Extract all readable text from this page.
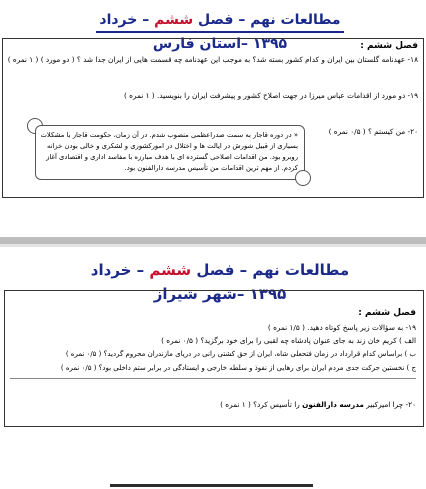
مطالعات نهم – فصل ششم – خرداد ۱۳۹۵ –استان فارس	فصل ششم :
۱۸- عهدنامه گلستان بین ایران و کدام کشور بسته شد؟ به موجب این عهدنامه چه قسمت هایی از ایران جدا شد ؟ ( دو مورد ) ( ۱ نمره )
۱۹- دو مورد از اقدامات عباس میرزا در جهت اصلاح کشور و پیشرفت ایران را بنویسید. ( ۱ نمره )
۲۰- من کیستم ؟ ( ۰/۵ نمره )
« در دوره قاجار به سمت صدراعظمی منصوب شدم. در آن زمان، حکومت قاجار با مشکلات
بسیاری از قبیل شورش در ایالت ها و اختلال در امورکشوری و لشکری و خالی بودن خزانه
روبرو بود. من اقدامات اصلاحی گسترده ای با هدف مبارزه با مفاسد اداری و اقتصادی آغاز
کردم. از مهم ترین اقدامات من تأسیس مدرسه دارالفنون بود.
مطالعات نهم – فصل ششم – خرداد ۱۳۹۵ –شهر شیراز
فصل ششم :
۱۹- به سؤالات زیر پاسخ کوتاه دهید. ( ۱/۵ نمره )
الف ) کریم خان زند به جای عنوان پادشاه چه لقبی را برای خود برگزید؟ ( ۰/۵ نمره )
ب ) براساس کدام قرارداد در زمان فتحعلی شاه، ایران از حق کشتی رانی در دریای مازندران محروم گردید؟ ( ۰/۵ نمره )
ج ) نخستین حرکت جدی مردم ایران برای رهایی از نفوذ و سلطه خارجی و ایستادگی در برابر ستم داخلی بود؟ ( ۰/۵ نمره )
۲۰- چرا امیرکبیر مدرسه دارالفنون را تأسیس کرد؟ ( ۱ نمره )
